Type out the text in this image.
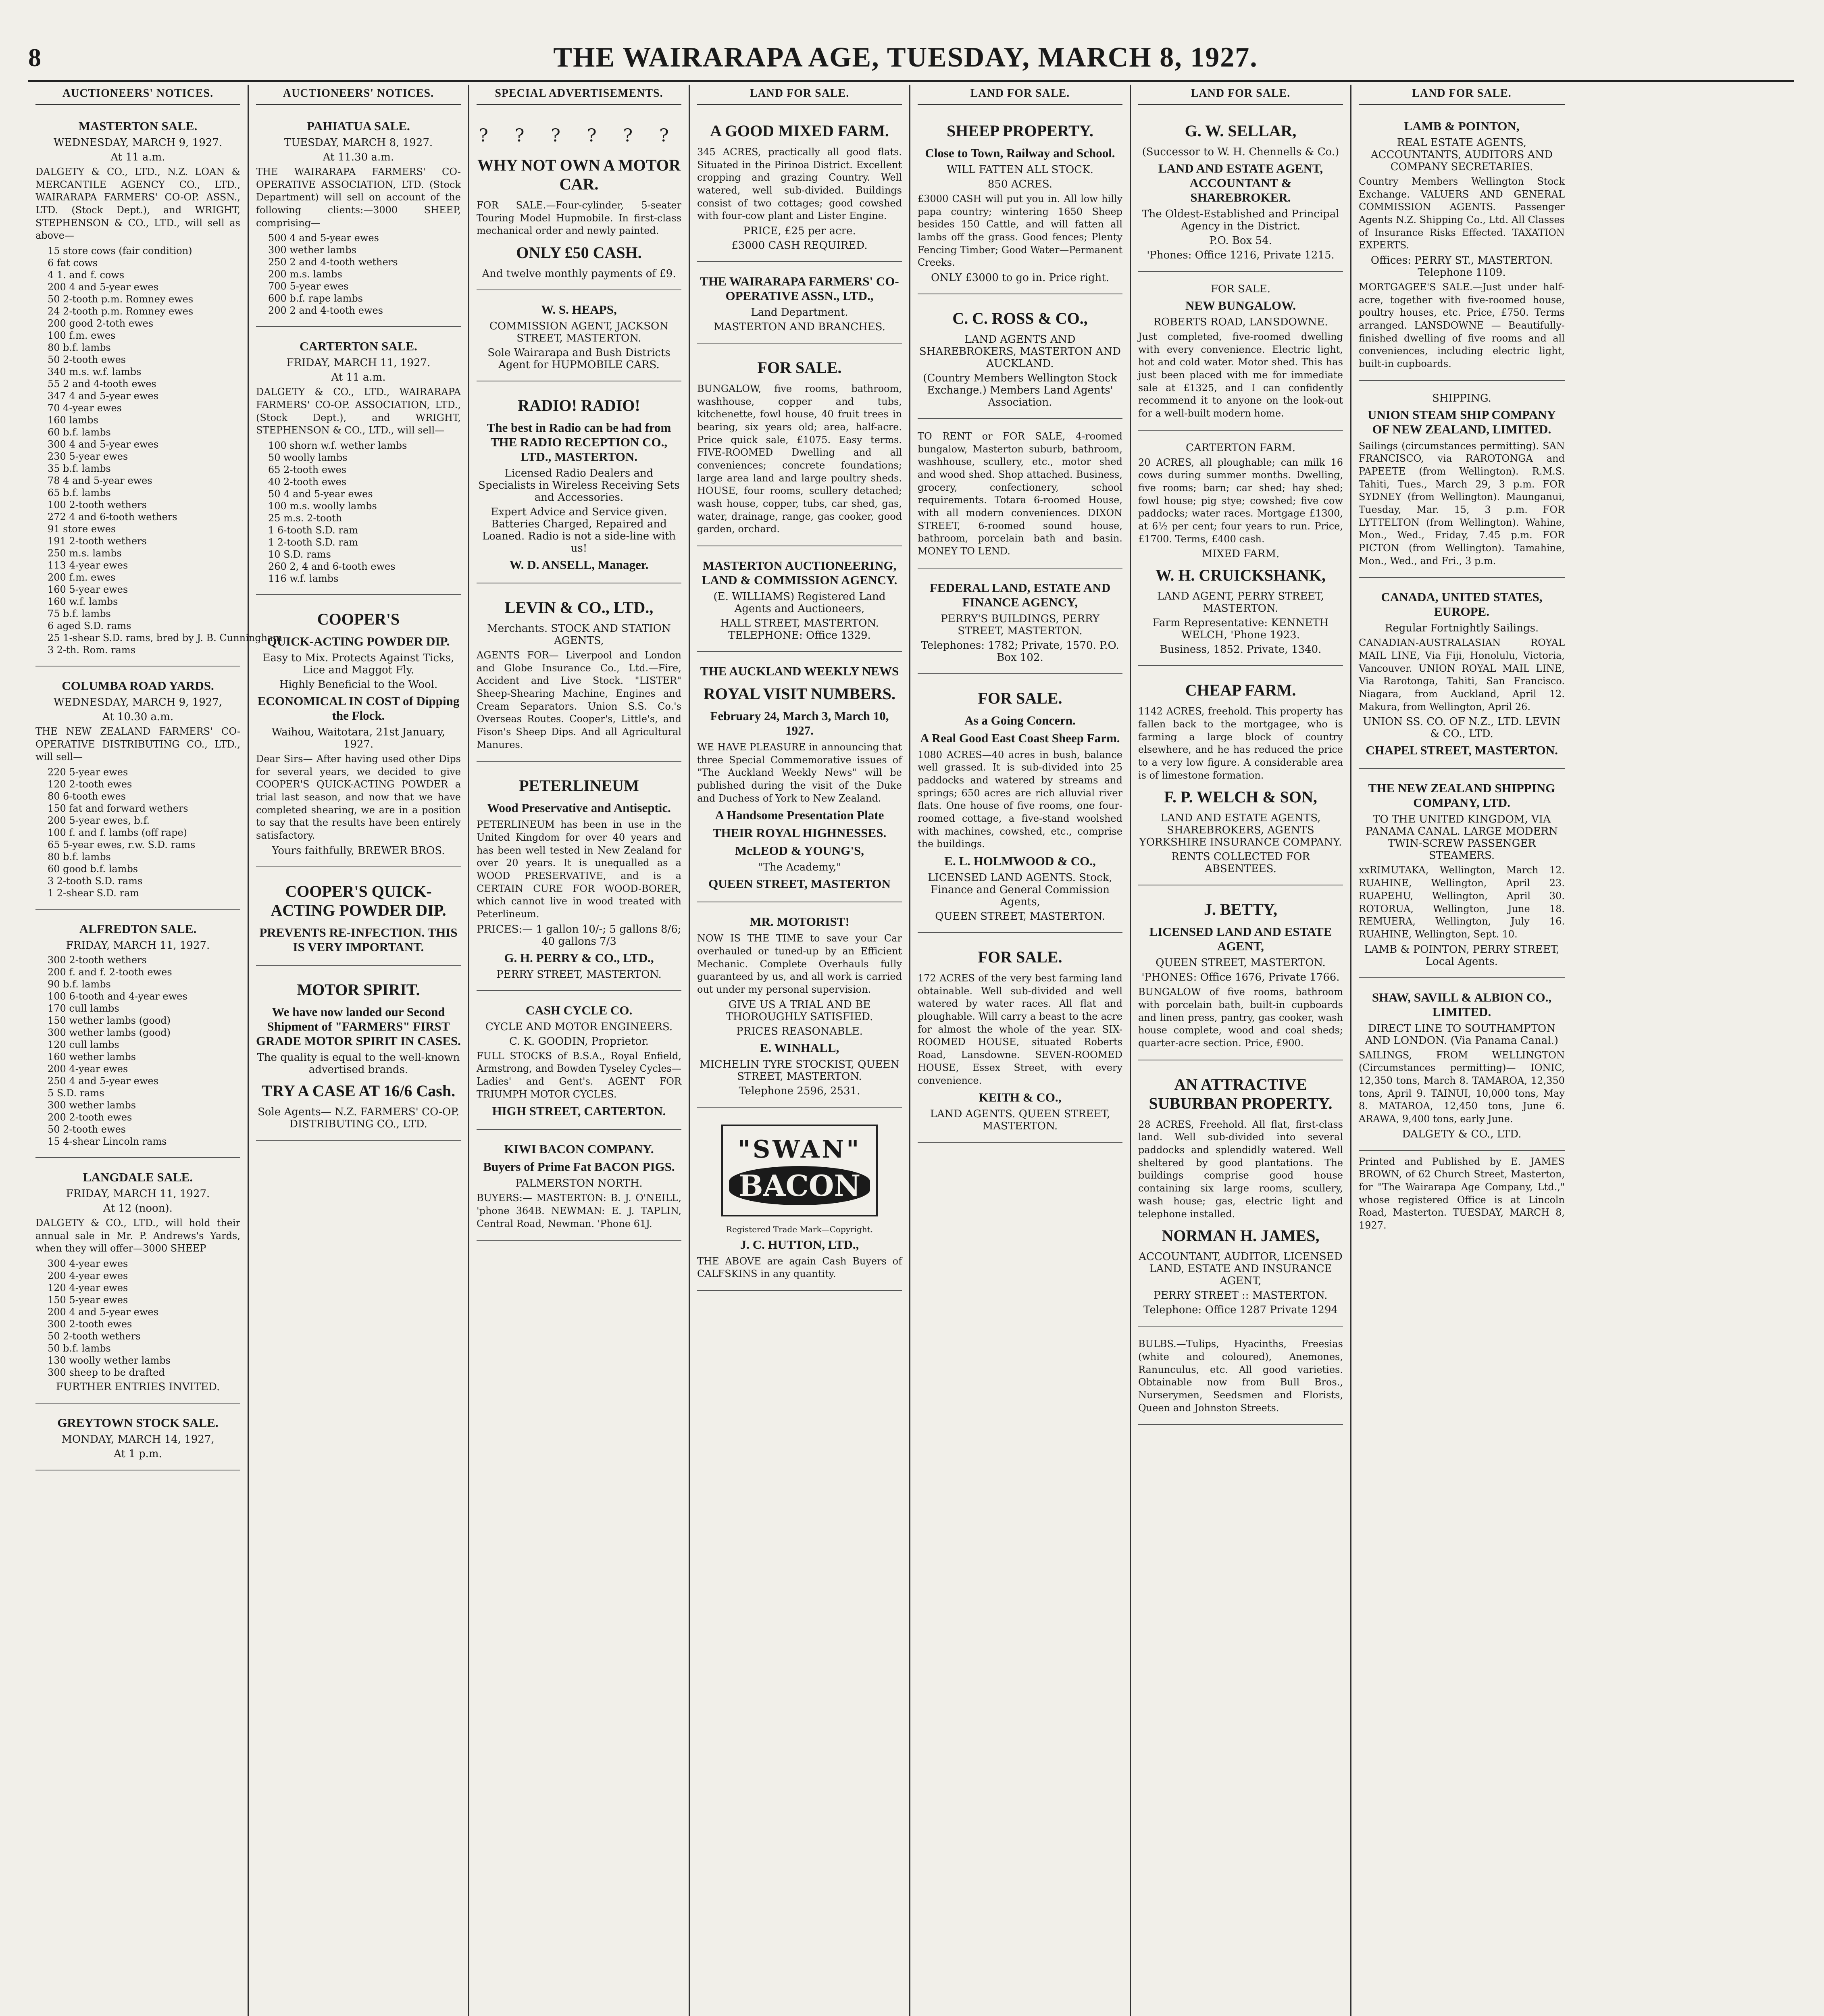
8	THE WAIRARAPA AGE, TUESDAY, MARCH 8, 1927.
AUCTIONEERS' NOTICES.
MASTERTON SALE.
WEDNESDAY, MARCH 9, 1927.
At 11 a.m.
DALGETY & CO., LTD., N.Z. LOAN & MERCANTILE AGENCY CO., LTD., WAIRARAPA FARMERS' CO-OP. ASSN., LTD. (Stock Dept.), and WRIGHT, STEPHENSON & CO., LTD., will sell as above—
15 store cows (fair condition)
6 fat cows
4 1. and f. cows
200 4 and 5-year ewes
50 2-tooth p.m. Romney ewes
24 2-tooth p.m. Romney ewes
200 good 2-toth ewes
100 f.m. ewes
80 b.f. lambs
50 2-tooth ewes
340 m.s. w.f. lambs
55 2 and 4-tooth ewes
347 4 and 5-year ewes
70 4-year ewes
160 lambs
60 b.f. lambs
300 4 and 5-year ewes
230 5-year ewes
35 b.f. lambs
78 4 and 5-year ewes
65 b.f. lambs
100 2-tooth wethers
272 4 and 6-tooth wethers
91 store ewes
191 2-tooth wethers
250 m.s. lambs
113 4-year ewes
200 f.m. ewes
160 5-year ewes
160 w.f. lambs
75 b.f. lambs
6 aged S.D. rams
25 1-shear S.D. rams, bred by J. B. Cunningham
3 2-th. Rom. rams
COLUMBA ROAD YARDS.
WEDNESDAY, MARCH 9, 1927,
At 10.30 a.m.
THE NEW ZEALAND FARMERS' CO-OPERATIVE DISTRIBUTING CO., LTD., will sell—
220 5-year ewes
120 2-tooth ewes
80 6-tooth ewes
150 fat and forward wethers
200 5-year ewes, b.f.
100 f. and f. lambs (off rape)
65 5-year ewes, r.w. S.D. rams
80 b.f. lambs
60 good b.f. lambs
3 2-tooth S.D. rams
1 2-shear S.D. ram
ALFREDTON SALE.
FRIDAY, MARCH 11, 1927.
300 2-tooth wethers
200 f. and f. 2-tooth ewes
90 b.f. lambs
100 6-tooth and 4-year ewes
170 cull lambs
150 wether lambs (good)
300 wether lambs (good)
120 cull lambs
160 wether lambs
200 4-year ewes
250 4 and 5-year ewes
5 S.D. rams
300 wether lambs
200 2-tooth ewes
50 2-tooth ewes
15 4-shear Lincoln rams
LANGDALE SALE.
FRIDAY, MARCH 11, 1927.
At 12 (noon).
DALGETY & CO., LTD., will hold their annual sale in Mr. P. Andrews's Yards, when they will offer—3000 SHEEP
300 4-year ewes
200 4-year ewes
120 4-year ewes
150 5-year ewes
200 4 and 5-year ewes
300 2-tooth ewes
50 2-tooth wethers
50 b.f. lambs
130 woolly wether lambs
300 sheep to be drafted
FURTHER ENTRIES INVITED.
GREYTOWN STOCK SALE.
MONDAY, MARCH 14, 1927,
At 1 p.m.
AUCTIONEERS' NOTICES.
PAHIATUA SALE.
TUESDAY, MARCH 8, 1927.
At 11.30 a.m.
THE WAIRARAPA FARMERS' CO-OPERATIVE ASSOCIATION, LTD. (Stock Department) will sell on account of the following clients:—3000 SHEEP, comprising—
500 4 and 5-year ewes
300 wether lambs
250 2 and 4-tooth wethers
200 m.s. lambs
700 5-year ewes
600 b.f. rape lambs
200 2 and 4-tooth ewes
CARTERTON SALE.
FRIDAY, MARCH 11, 1927.
At 11 a.m.
DALGETY & CO., LTD., WAIRARAPA FARMERS' CO-OP. ASSOCIATION, LTD., (Stock Dept.), and WRIGHT, STEPHENSON & CO., LTD., will sell—
100 shorn w.f. wether lambs
50 woolly lambs
65 2-tooth ewes
40 2-tooth ewes
50 4 and 5-year ewes
100 m.s. woolly lambs
25 m.s. 2-tooth
1 6-tooth S.D. ram
1 2-tooth S.D. ram
10 S.D. rams
260 2, 4 and 6-tooth ewes
116 w.f. lambs
COOPER'S
QUICK-ACTING POWDER DIP.
Easy to Mix. Protects Against Ticks, Lice and Maggot Fly.
Highly Beneficial to the Wool.
ECONOMICAL IN COST of Dipping the Flock.
Waihou, Waitotara, 21st January, 1927.
Dear Sirs— After having used other Dips for several years, we decided to give COOPER'S QUICK-ACTING POWDER a trial last season, and now that we have completed shearing, we are in a position to say that the results have been entirely satisfactory.
Yours faithfully, BREWER BROS.
COOPER'S QUICK-ACTING POWDER DIP.
PREVENTS RE-INFECTION. THIS IS VERY IMPORTANT.
MOTOR SPIRIT.
We have now landed our Second Shipment of "FARMERS" FIRST GRADE MOTOR SPIRIT IN CASES.
The quality is equal to the well-known advertised brands.
TRY A CASE AT 16/6 Cash.
Sole Agents— N.Z. FARMERS' CO-OP. DISTRIBUTING CO., LTD.
SPECIAL ADVERTISEMENTS.
? ? ? ? ? ?
WHY NOT OWN A MOTOR CAR.
FOR SALE.—Four-cylinder, 5-seater Touring Model Hupmobile. In first-class mechanical order and newly painted.
ONLY £50 CASH.
And twelve monthly payments of £9.
W. S. HEAPS,
COMMISSION AGENT, JACKSON STREET, MASTERTON.
Sole Wairarapa and Bush Districts Agent for HUPMOBILE CARS.
RADIO! RADIO!
The best in Radio can be had from THE RADIO RECEPTION CO., LTD., MASTERTON.
Licensed Radio Dealers and Specialists in Wireless Receiving Sets and Accessories.
Expert Advice and Service given. Batteries Charged, Repaired and Loaned. Radio is not a side-line with us!
W. D. ANSELL, Manager.
LEVIN & CO., LTD.,
Merchants. STOCK AND STATION AGENTS,
AGENTS FOR— Liverpool and London and Globe Insurance Co., Ltd.—Fire, Accident and Live Stock. "LISTER" Sheep-Shearing Machine, Engines and Cream Separators. Union S.S. Co.'s Overseas Routes. Cooper's, Little's, and Fison's Sheep Dips. And all Agricultural Manures.
PETERLINEUM
Wood Preservative and Antiseptic.
PETERLINEUM has been in use in the United Kingdom for over 40 years and has been well tested in New Zealand for over 20 years. It is unequalled as a WOOD PRESERVATIVE, and is a CERTAIN CURE FOR WOOD-BORER, which cannot live in wood treated with Peterlineum.
PRICES:— 1 gallon 10/-; 5 gallons 8/6; 40 gallons 7/3
G. H. PERRY & CO., LTD.,
PERRY STREET, MASTERTON.
CASH CYCLE CO.
CYCLE AND MOTOR ENGINEERS.
C. K. GOODIN, Proprietor.
FULL STOCKS of B.S.A., Royal Enfield, Armstrong, and Bowden Tyseley Cycles—Ladies' and Gent's. AGENT FOR TRIUMPH MOTOR CYCLES.
HIGH STREET, CARTERTON.
KIWI BACON COMPANY.
Buyers of Prime Fat BACON PIGS.
PALMERSTON NORTH.
BUYERS:— MASTERTON: B. J. O'NEILL, 'phone 364B. NEWMAN: E. J. TAPLIN, Central Road, Newman. 'Phone 61J.
LAND FOR SALE.
A GOOD MIXED FARM.
345 ACRES, practically all good flats. Situated in the Pirinoa District. Excellent cropping and grazing Country. Well watered, well sub-divided. Buildings consist of two cottages; good cowshed with four-cow plant and Lister Engine.
PRICE, £25 per acre.
£3000 CASH REQUIRED.
THE WAIRARAPA FARMERS' CO-OPERATIVE ASSN., LTD.,
Land Department.
MASTERTON AND BRANCHES.
FOR SALE.
BUNGALOW, five rooms, bathroom, washhouse, copper and tubs, kitchenette, fowl house, 40 fruit trees in bearing, six years old; area, half-acre. Price quick sale, £1075. Easy terms. FIVE-ROOMED Dwelling and all conveniences; concrete foundations; large area land and large poultry sheds. HOUSE, four rooms, scullery detached; wash house, copper, tubs, car shed, gas, water, drainage, range, gas cooker, good garden, orchard.
MASTERTON AUCTIONEERING, LAND & COMMISSION AGENCY.
(E. WILLIAMS) Registered Land Agents and Auctioneers,
HALL STREET, MASTERTON. TELEPHONE: Office 1329.
THE AUCKLAND WEEKLY NEWS
ROYAL VISIT NUMBERS.
February 24, March 3, March 10, 1927.
WE HAVE PLEASURE in announcing that three Special Commemorative issues of "The Auckland Weekly News" will be published during the visit of the Duke and Duchess of York to New Zealand.
A Handsome Presentation Plate
THEIR ROYAL HIGHNESSES.
McLEOD & YOUNG'S,
"The Academy,"
QUEEN STREET, MASTERTON
MR. MOTORIST!
NOW IS THE TIME to save your Car overhauled or tuned-up by an Efficient Mechanic. Complete Overhauls fully guaranteed by us, and all work is carried out under my personal supervision.
GIVE US A TRIAL AND BE THOROUGHLY SATISFIED.
PRICES REASONABLE.
E. WINHALL,
MICHELIN TYRE STOCKIST, QUEEN STREET, MASTERTON.
Telephone 2596, 2531.
"SWAN"
BACON
Registered Trade Mark—Copyright.
J. C. HUTTON, LTD.,
THE ABOVE are again Cash Buyers of CALFSKINS in any quantity.
LAND FOR SALE.
SHEEP PROPERTY.
Close to Town, Railway and School.
WILL FATTEN ALL STOCK.
850 ACRES.
£3000 CASH will put you in. All low hilly papa country; wintering 1650 Sheep besides 150 Cattle, and will fatten all lambs off the grass. Good fences; Plenty Fencing Timber; Good Water—Permanent Creeks.
ONLY £3000 to go in. Price right.
C. C. ROSS & CO.,
LAND AGENTS AND SHAREBROKERS, MASTERTON AND AUCKLAND.
(Country Members Wellington Stock Exchange.) Members Land Agents' Association.
TO RENT or FOR SALE, 4-roomed bungalow, Masterton suburb, bathroom, washhouse, scullery, etc., motor shed and wood shed. Shop attached. Business, grocery, confectionery, school requirements. Totara 6-roomed House, with all modern conveniences. DIXON STREET, 6-roomed sound house, bathroom, porcelain bath and basin. MONEY TO LEND.
FEDERAL LAND, ESTATE AND FINANCE AGENCY,
PERRY'S BUILDINGS, PERRY STREET, MASTERTON.
Telephones: 1782; Private, 1570. P.O. Box 102.
FOR SALE.
As a Going Concern.
A Real Good East Coast Sheep Farm.
1080 ACRES—40 acres in bush, balance well grassed. It is sub-divided into 25 paddocks and watered by streams and springs; 650 acres are rich alluvial river flats. One house of five rooms, one four-roomed cottage, a five-stand woolshed with machines, cowshed, etc., comprise the buildings.
E. L. HOLMWOOD & CO.,
LICENSED LAND AGENTS. Stock, Finance and General Commission Agents,
QUEEN STREET, MASTERTON.
FOR SALE.
172 ACRES of the very best farming land obtainable. Well sub-divided and well watered by water races. All flat and ploughable. Will carry a beast to the acre for almost the whole of the year. SIX-ROOMED HOUSE, situated Roberts Road, Lansdowne. SEVEN-ROOMED HOUSE, Essex Street, with every convenience.
KEITH & CO.,
LAND AGENTS. QUEEN STREET, MASTERTON.
LAND FOR SALE.
G. W. SELLAR,
(Successor to W. H. Chennells & Co.)
LAND AND ESTATE AGENT, ACCOUNTANT & SHAREBROKER.
The Oldest-Established and Principal Agency in the District.
P.O. Box 54.
'Phones: Office 1216, Private 1215.
FOR SALE.
NEW BUNGALOW.
ROBERTS ROAD, LANSDOWNE.
Just completed, five-roomed dwelling with every convenience. Electric light, hot and cold water. Motor shed. This has just been placed with me for immediate sale at £1325, and I can confidently recommend it to anyone on the look-out for a well-built modern home.
CARTERTON FARM.
20 ACRES, all ploughable; can milk 16 cows during summer months. Dwelling, five rooms; barn; car shed; hay shed; fowl house; pig stye; cowshed; five cow paddocks; water races. Mortgage £1300, at 6½ per cent; four years to run. Price, £1700. Terms, £400 cash.
MIXED FARM.
W. H. CRUICKSHANK,
LAND AGENT, PERRY STREET, MASTERTON.
Farm Representative: KENNETH WELCH, 'Phone 1923.
Business, 1852. Private, 1340.
CHEAP FARM.
1142 ACRES, freehold. This property has fallen back to the mortgagee, who is farming a large block of country elsewhere, and he has reduced the price to a very low figure. A considerable area is of limestone formation.
F. P. WELCH & SON,
LAND AND ESTATE AGENTS, SHAREBROKERS, AGENTS YORKSHIRE INSURANCE COMPANY.
RENTS COLLECTED FOR ABSENTEES.
J. BETTY,
LICENSED LAND AND ESTATE AGENT,
QUEEN STREET, MASTERTON.
'PHONES: Office 1676, Private 1766.
BUNGALOW of five rooms, bathroom with porcelain bath, built-in cupboards and linen press, pantry, gas cooker, wash house complete, wood and coal sheds; quarter-acre section. Price, £900.
AN ATTRACTIVE SUBURBAN PROPERTY.
28 ACRES, Freehold. All flat, first-class land. Well sub-divided into several paddocks and splendidly watered. Well sheltered by good plantations. The buildings comprise good house containing six large rooms, scullery, wash house; gas, electric light and telephone installed.
NORMAN H. JAMES,
ACCOUNTANT, AUDITOR, LICENSED LAND, ESTATE AND INSURANCE AGENT,
PERRY STREET :: MASTERTON.
Telephone: Office 1287 Private 1294
BULBS.—Tulips, Hyacinths, Freesias (white and coloured), Anemones, Ranunculus, etc. All good varieties. Obtainable now from Bull Bros., Nurserymen, Seedsmen and Florists, Queen and Johnston Streets.
LAND FOR SALE.
LAMB & POINTON,
REAL ESTATE AGENTS, ACCOUNTANTS, AUDITORS AND COMPANY SECRETARIES.
Country Members Wellington Stock Exchange. VALUERS AND GENERAL COMMISSION AGENTS. Passenger Agents N.Z. Shipping Co., Ltd. All Classes of Insurance Risks Effected. TAXATION EXPERTS.
Offices: PERRY ST., MASTERTON. Telephone 1109.
MORTGAGEE'S SALE.—Just under half-acre, together with five-roomed house, poultry houses, etc. Price, £750. Terms arranged. LANSDOWNE — Beautifully-finished dwelling of five rooms and all conveniences, including electric light, built-in cupboards.
SHIPPING.
UNION STEAM SHIP COMPANY OF NEW ZEALAND, LIMITED.
Sailings (circumstances permitting). SAN FRANCISCO, via RAROTONGA and PAPEETE (from Wellington). R.M.S. Tahiti, Tues., March 29, 3 p.m. FOR SYDNEY (from Wellington). Maunganui, Tuesday, Mar. 15, 3 p.m. FOR LYTTELTON (from Wellington). Wahine, Mon., Wed., Friday, 7.45 p.m. FOR PICTON (from Wellington). Tamahine, Mon., Wed., and Fri., 3 p.m.
CANADA, UNITED STATES, EUROPE.
Regular Fortnightly Sailings.
CANADIAN-AUSTRALASIAN ROYAL MAIL LINE, Via Fiji, Honolulu, Victoria, Vancouver. UNION ROYAL MAIL LINE, Via Rarotonga, Tahiti, San Francisco. Niagara, from Auckland, April 12. Makura, from Wellington, April 26.
UNION SS. CO. OF N.Z., LTD. LEVIN & CO., LTD.
CHAPEL STREET, MASTERTON.
THE NEW ZEALAND SHIPPING COMPANY, LTD.
TO THE UNITED KINGDOM, VIA PANAMA CANAL. LARGE MODERN TWIN-SCREW PASSENGER STEAMERS.
xxRIMUTAKA, Wellington, March 12. RUAHINE, Wellington, April 23. RUAPEHU, Wellington, April 30. ROTORUA, Wellington, June 18. REMUERA, Wellington, July 16. RUAHINE, Wellington, Sept. 10.
LAMB & POINTON, PERRY STREET, Local Agents.
SHAW, SAVILL & ALBION CO., LIMITED.
DIRECT LINE TO SOUTHAMPTON AND LONDON. (Via Panama Canal.)
SAILINGS, FROM WELLINGTON (Circumstances permitting)— IONIC, 12,350 tons, March 8. TAMAROA, 12,350 tons, April 9. TAINUI, 10,000 tons, May 8. MATAROA, 12,450 tons, June 6. ARAWA, 9,400 tons, early June.
DALGETY & CO., LTD.
Printed and Published by E. JAMES BROWN, of 62 Church Street, Masterton, for "The Wairarapa Age Company, Ltd.," whose registered Office is at Lincoln Road, Masterton. TUESDAY, MARCH 8, 1927.
